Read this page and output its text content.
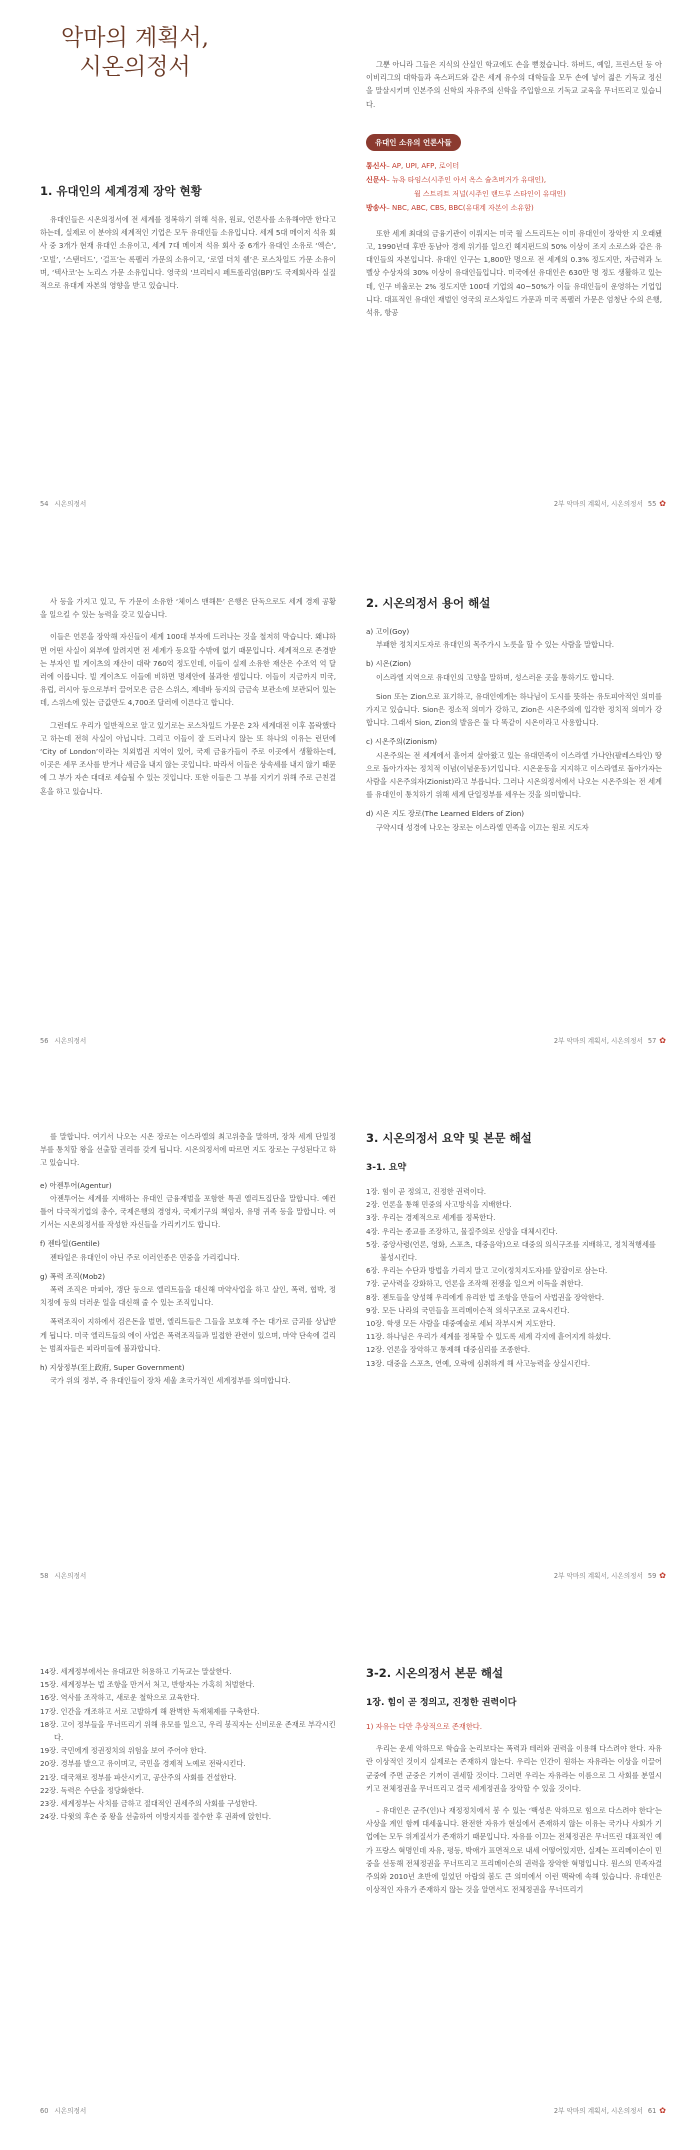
악마의 계획서,
시온의정서
1. 유대인의 세계경제 장악 현황
유대인들은 시온의정서에 전 세계를 정복하기 위해 석유, 원료, 언론사를 소유해야만 한다고 하는데, 실제로 이 분야의 세계적인 기업은 모두 유대인들 소유입니다. 세계 5대 메이저 석유 회사 중 3개가 현재 유대인 소유이고, 세계 7대 메이저 석유 회사 중 6개가 유대인 소유로 ‘엑슨’, ‘모빌’, ‘스탠더드’, ‘걸프’는 록펠러 가문의 소유이고, ‘로열 더치 쉘’은 로스차일드 가문 소유이며, ‘텍사코’는 노리스 가문 소유입니다. 영국의 ‘브리티시 페트롤리엄(BP)’도 국제회사라 실질적으로 유대계 자본의 영향을 받고 있습니다.
54 시온의정서
그뿐 아니라 그들은 지식의 산실인 학교에도 손을 뻗쳤습니다. 하버드, 예일, 프린스턴 등 아이비리그의 대학들과 옥스퍼드와 같은 세계 유수의 대학들을 모두 손에 넣어 젊은 기독교 정신을 말살시키며 인본주의 신학의 자유주의 신학을 주입함으로 기독교 교육을 무너뜨리고 있습니다.
유대인 소유의 언론사들
통신사– AP, UPI, AFP, 로이터
신문사– 뉴욕 타임스(시주인 아서 옥스 슐츠버거가 유대인),
월 스트리트 저널(시주인 랜드루 스타인이 유대인)
방송사– NBC, ABC, CBS, BBC(유대계 자본이 소유함)
또한 세계 최대의 금융기관이 이뤄지는 미국 월 스트리트는 이미 유대인이 장악한 지 오래됐고, 1990년대 후반 동남아 경제 위기를 일으킨 헤지펀드의 50% 이상이 조지 소로스와 같은 유대인들의 자본입니다. 유대인 인구는 1,800만 명으로 전 세계의 0.3% 정도지만, 자금력과 노벨상 수상자의 30% 이상이 유대인들입니다. 미국에선 유대인은 630만 명 정도 생활하고 있는데, 인구 비율로는 2% 정도지만 100대 기업의 40~50%가 이들 유대인들이 운영하는 기업입니다. 대표적인 유대인 재벌인 영국의 로스차일드 가문과 미국 록펠러 가문은 엄청난 수의 은행, 석유, 항공
2부 악마의 계획서, 시온의정서 55 ✿
사 등을 가지고 있고, 두 가문이 소유한 ‘체이스 맨해튼’ 은행은 단독으로도 세계 경제 공황을 일으킬 수 있는 능력을 갖고 있습니다.
이들은 언론을 장악해 자신들이 세계 100대 부자에 드러나는 것을 철저히 막습니다. 왜냐하면 어떤 사실이 외부에 알려지면 전 세계가 동요할 수밖에 없기 때문입니다. 세계적으로 존경받는 부자인 빌 게이츠의 재산이 대략 760억 정도인데, 이들이 실제 소유한 재산은 수조억 억 달러에 이릅니다. 빌 게이츠도 이들에 비하면 명세안에 불과한 셈입니다. 이들이 지금까지 미국, 유럽, 러시아 등으로부터 끌어모은 금은 스위스, 제네바 등지의 금금속 보관소에 보관되어 있는데, 스위스에 있는 금값만도 4,700조 달러에 이른다고 합니다.
그런데도 우리가 일반적으로 알고 있기로는 로스차일드 가문은 2차 세계대전 이후 몰락했다고 하는데 전혀 사실이 아닙니다. 그리고 이들이 잘 드러나지 않는 또 하나의 이유는 런던에 ‘City of London’이라는 치외법권 지역이 있어, 국제 금융가들이 주로 이곳에서 생활하는데, 이곳은 세무 조사를 받거나 세금을 내지 않는 곳입니다. 따라서 이들은 상속세를 내지 않기 때문에 그 부가 자손 대대로 세습될 수 있는 것입니다. 또한 이들은 그 부를 지키기 위해 주로 근친결혼을 하고 있습니다.
56 시온의정서
2. 시온의정서 용어 해설
a) 고이(Goy)
부패한 정치지도자로 유대인의 목주가시 노릇을 할 수 있는 사람을 말합니다.
b) 시온(Zion)
이스라엘 지역으로 유대인의 고향을 말하며, 성스러운 곳을 통하기도 합니다.
Sion 또는 Zion으로 표기하고, 유대인에게는 하나님이 도시를 뜻하는 유토피아적인 의미를 가지고 있습니다. Sion은 정소적 의미가 강하고, Zion은 시온주의에 입각한 정치적 의미가 강합니다. 그래서 Sion, Zion의 발음은 둘 다 똑같이 시온이라고 사용합니다.
c) 시온주의(Zionism)
시온주의는 전 세계에서 흩어져 살아왔고 있는 유대민족이 이스라엘 가나안(팔레스타인) 땅으로 돌아가자는 정치적 이념(이념운동)기입니다. 시온운동을 지지하고 이스라엘로 돌아가자는 사람을 시온주의자(Zionist)라고 부릅니다. 그러나 시온의정서에서 나오는 시온주의는 전 세계를 유대인이 통치하기 위해 세계 단일정부를 세우는 것을 의미합니다.
d) 시온 지도 장로(The Learned Elders of Zion)
구약시대 성경에 나오는 장로는 이스라엘 민족을 이끄는 원로 지도자
2부 악마의 계획서, 시온의정서 57 ✿
를 말합니다. 여기서 나오는 시온 장로는 이스라엘의 최고위층을 말하며, 장차 세계 단일정부를 통치할 왕을 선출할 권리를 갖게 됩니다. 시온의정서에 따르면 지도 장로는 구성된다고 하고 있습니다.
e) 아젠투어(Agentur)
아젠투어는 세계를 지배하는 유대인 금융재벌을 포함한 특권 엘리트집단을 말합니다. 예컨 틀어 다국적기업의 총수, 국제은행의 경영자, 국제기구의 책임자, 유명 귀족 등을 말합니다. 여기서는 시온의정서를 작성한 자신들을 가리키기도 합니다.
f) 젠타일(Gentile)
젠타일은 유대인이 아닌 주로 이러인종은 민중을 가리킵니다.
g) 폭력 조직(Mob2)
폭력 조직은 마피아, 갱단 등으로 엘리트들을 대신해 마약사업을 하고 살인, 폭력, 협박, 정치정에 등의 더러운 일을 대신해 줄 수 있는 조직입니다.
폭력조직이 지하에서 검은돈을 벌면, 엘리트들은 그들을 보호해 주는 대가로 금괴를 상납받게 됩니다. 미국 엘리트들의 에이 사업은 폭력조직들과 밀접한 관련이 있으며, 마약 단속에 걸리는 범죄자들은 피라미들에 불과합니다.
h) 지상정부(至上政府, Super Government)
국가 위의 정부, 즉 유대인들이 장차 세울 초국가적인 세계정부를 의미합니다.
58 시온의정서
3. 시온의정서 요약 및 본문 해설
3-1. 요약
1장. 힘이 곧 정의고, 진정한 권력이다.
2장. 언론을 통해 민중의 사고방식을 지배한다.
3장. 우리는 경제적으로 세계를 정복한다.
4장. 우리는 종교를 조장하고, 물질주의로 신앙을 대체시킨다.
5장. 중앙사령(언론, 영화, 스포츠, 대중음악)으로 대중의 의식구조를 지배하고, 정치적행세를 불성시킨다.
6장. 우리는 수단과 방법을 가리지 말고 고이(정치지도자)를 앞잡이로 삼는다.
7장. 군사력을 강화하고, 언론을 조작해 전쟁을 일으켜 이득을 취한다.
8장. 젠토들을 양성해 우리에게 유리한 법 조항을 만들어 사법권을 장악한다.
9장. 모든 나라의 국민들을 프리메이슨적 의식구조로 교육시킨다.
10장. 학생 모든 사람을 대중예술로 세뇌 작부시켜 지도한다.
11장. 하나님은 우리가 세계를 정복할 수 있도록 세계 각지에 흩어지게 하셨다.
12장. 언론을 장악하고 통제해 대중심리를 조종한다.
13장. 대중을 스포츠, 연예, 오락에 심취하게 해 사고능력을 상실시킨다.
2부 악마의 계획서, 시온의정서 59 ✿
14장. 세계정부에서는 유대교만 허용하고 기독교는 말살한다.
15장. 세계정부는 법 조항을 만겨서 처고, 반항자는 가혹히 처벌한다.
16장. 역사를 조작하고, 새로운 철학으로 교육한다.
17장. 인간을 개조하고 서로 고발하게 해 완벽한 독재체제를 구축한다.
18장. 고이 정부들을 무너뜨리기 위해 유모를 일으고, 우리 봉직자는 신비로운 존재로 부각시킨다.
19장. 국민에게 정권정치의 위험을 보여 주어야 한다.
20장. 경부를 발으고 유이며고, 국민을 경제적 노예로 전락시킨다.
21장. 대국채로 정부를 파산시키고, 공산주의 사회를 건설한다.
22장. 독력은 수단을 정당화한다.
23장. 세계정부는 사치를 금하고 절대적인 권세주의 사회를 구성한다.
24장. 다윗의 후손 중 왕을 선출하여 이방지지를 절수한 후 권좌에 앉힌다.
60 시온의정서
3-2. 시온의정서 본문 해설
1장. 힘이 곧 정의고, 진정한 권력이다
1) 자유는 다만 추상적으로 존재한다.
우리는 운세 악하므로 학습을 논리보다는 폭력과 테러와 권력을 이용해 다스려야 한다. 자유란 이상적인 것이지 실제로는 존재하지 않는다. 우리는 인간이 원하는 자유라는 이상을 이끌어 군중에 주면 군중은 기꺼이 권세할 것이다. 그러면 우리는 자유라는 이름으로 그 사회를 분열시키고 전체정권을 무너뜨리고 결국 세계정권을 장악할 수 있을 것이다.
– 유대인은 군주(인)나 재정정치에서 봉 수 있는 ‘백성은 악하므로 힘으로 다스려야 한다’는 사상을 계인 함께 대세웁니다. 완전한 자유가 현실에서 존재하지 않는 이유는 국가나 사회가 기업에는 모두 위계질서가 존재하기 때문입니다. 자유를 이끄는 전체정권은 무너뜨린 대표적인 예가 프랑스 혁명인데 자유, 평등, 박애가 표면적으로 내세 어떻어있지만, 실제는 프리메이슨이 민중을 선동해 전체정권을 무너뜨리고 프리메이슨의 권력을 장악한 혁명입니다. 원스의 민족자결주의와 2010년 초반에 일었던 아랍의 봄도 큰 의미에서 이런 맥락에 속해 있습니다. 유대인은 이상적인 자유가 존재하지 않는 것을 알면서도 전체정권을 무너뜨리기
2부 악마의 계획서, 시온의정서 61 ✿
